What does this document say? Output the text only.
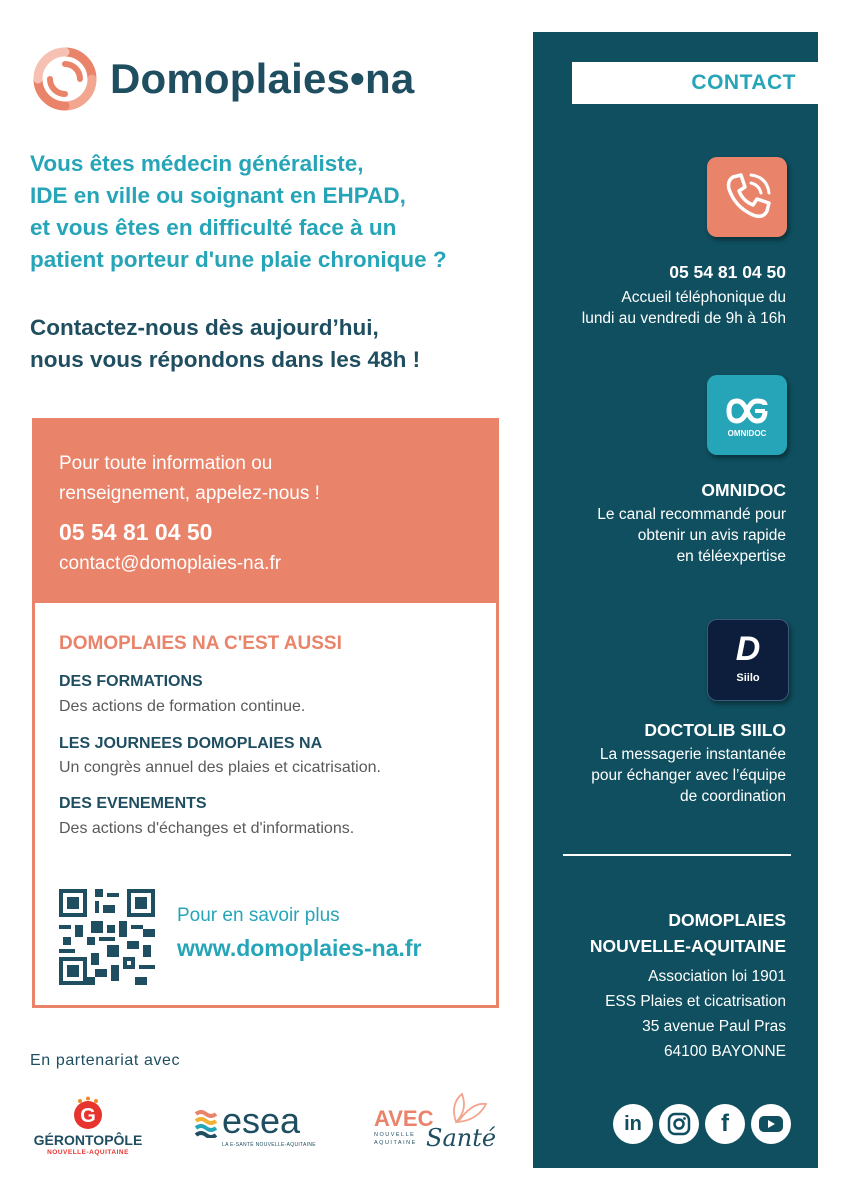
Domoplaies•na
Vous êtes médecin généraliste,
IDE en ville ou soignant en EHPAD,
et vous êtes en difficulté face à un
patient porteur d'une plaie chronique ?
Contactez-nous dès aujourd’hui,
nous vous répondons dans les 48h !
Pour toute information ou
renseignement, appelez-nous !
05 54 81 04 50
contact@domoplaies-na.fr
DOMOPLAIES NA C'EST AUSSI
DES FORMATIONS
Des actions de formation continue.
LES JOURNEES DOMOPLAIES NA
Un congrès annuel des plaies et cicatrisation.
DES EVENEMENTS
Des actions d'échanges et d'informations.
Pour en savoir plus
www.domoplaies-na.fr
En partenariat avec
G
GÉRONTOPÔLE
NOUVELLE-AQUITAINE
esea
LA E-SANTÉ NOUVELLE-AQUITAINE
AVEC
NOUVELLE
AQUITAINE Santé
CONTACT
05 54 81 04 50
Accueil téléphonique du
lundi au vendredi de 9h à 16h
OMNIDOC
OMNIDOC
Le canal recommandé pour
obtenir un avis rapide
en téléexpertise
D
Siilo
DOCTOLIB SIILO
La messagerie instantanée
pour échanger avec l’équipe
de coordination
DOMOPLAIES
NOUVELLE-AQUITAINE
Association loi 1901
ESS Plaies et cicatrisation
35 avenue Paul Pras
64100 BAYONNE
in	f
